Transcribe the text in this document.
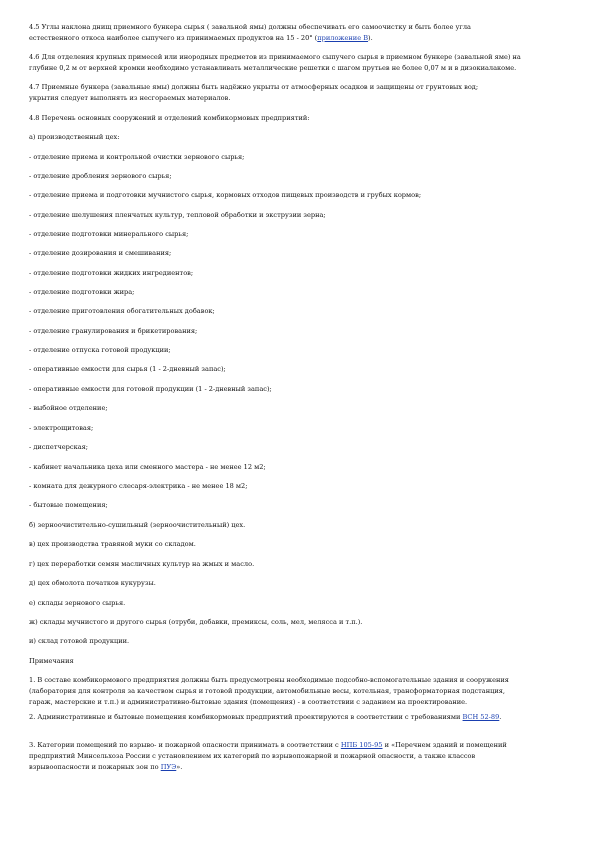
4.5 Углы наклона днищ приемного бункера сырья ( завальной ямы) должны обеспечивать его самоочистку и быть более угла
естественного откоса наиболее сыпучего из принимаемых продуктов на 15 - 20° (приложение В).

4.6 Для отделения крупных примесей или инородных предметов из принимаемого сыпучего сырья в приемном бункере (завальной яме) на
глубине 0,2 м от верхней кромки необходимо устанавливать металлические решетки с шагом прутьев не более 0,07 м и в дизокиалакоме.

4.7 Приемные бункера (завальные ямы) должны быть надёжно укрыты от атмосферных осадков и защищены от грунтовых вод;
укрытия следует выполнять из несгораемых материалов.

4.8 Перечень основных сооружений и отделений комбикормовых предприятий:

а) производственный цех:

- отделение приема и контрольной очистки зернового сырья;

- отделение дробления зернового сырья;

- отделение приема и подготовки мучнистого сырья, кормовых отходов пищевых производств и грубых кормов;

- отделение шелушения пленчатых культур, тепловой обработки и экструзии зерна;

- отделение подготовки минерального сырья;

- отделение дозирования и смешивания;

- отделение подготовки жидких ингредиентов;

- отделение подготовки жира;

- отделение приготовления обогатительных добавок;

- отделение гранулирования и брикетирования;

- отделение отпуска готовой продукции;

- оперативные емкости для сырья (1 - 2-дневный запас);

- оперативные емкости для готовой продукции (1 - 2-дневный запас);

- выбойное отделение;

- электрощитовая;

- диспетчерская;

- кабинет начальника цеха или сменного мастера - не менее 12 м2;

- комната для дежурного слесаря-электрика - не менее 18 м2;

- бытовые помещения;

б) зерноочистительно-сушильный (зерноочистительный) цех.

в) цех производства травяной муки со складом.

г) цех переработки семян масличных культур на жмых и масло.

д) цех обмолота початков кукурузы.

е) склады зернового сырья.

ж) склады мучнистого и другого сырья (отруби, добавки, премиксы, соль, мел, мелясса и т.п.).

и) склад готовой продукции.

Примечания

1. В составе комбикормового предприятия должны быть предусмотрены необходимые подсобно-вспомогательные здания и сооружения
(лаборатория для контроля за качеством сырья и готовой продукции, автомобильные весы, котельная, трансформаторная подстанция,
гараж, мастерские и т.п.) и административно-бытовые здания (помещения) - в соответствии с заданием на проектирование.

2. Административные и бытовые помещения комбикормовых предприятий проектируются в соответствии с требованиями ВСН 52-89.

3. Категории помещений по взрыво- и пожарной опасности принимать в соответствии с НПБ 105-95 и «Перечнем зданий и помещений
предприятий Минсельхоза России с установлением их категорий по взрывопожарной и пожарной опасности, а также классов
взрывоопасности и пожарных зон по ПУЭ».
